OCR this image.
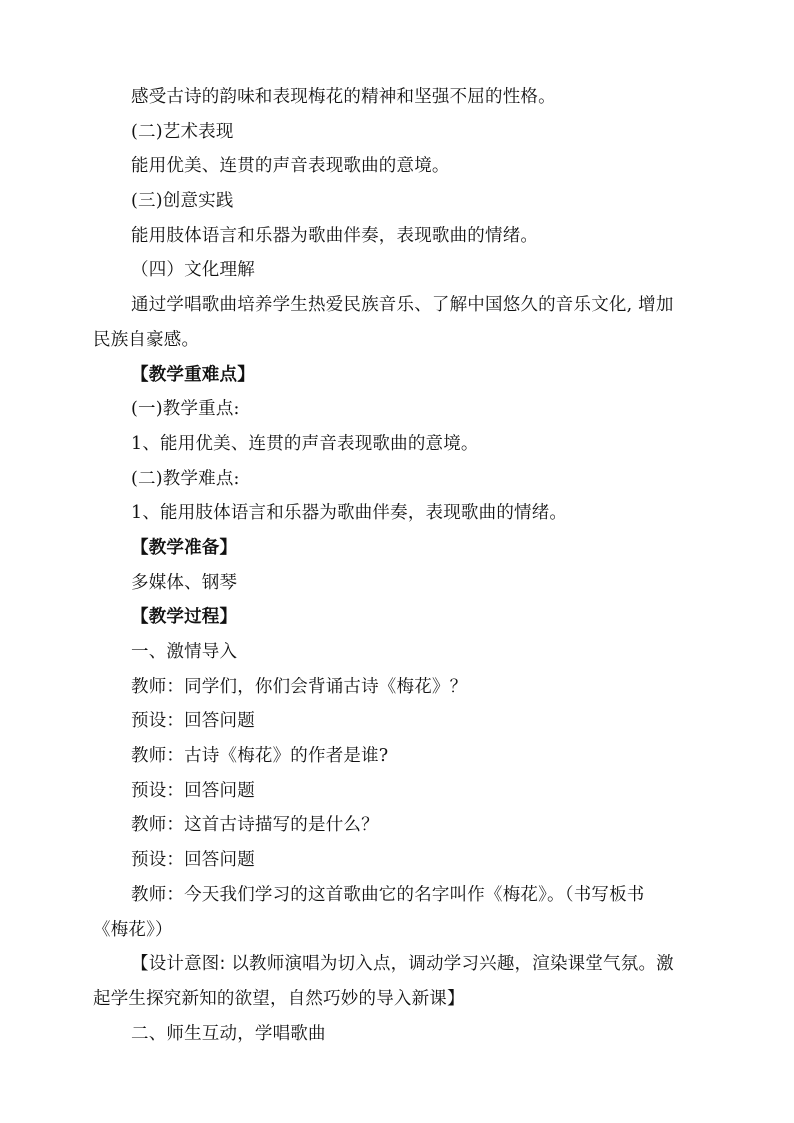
感受古诗的韵味和表现梅花的精神和坚强不屈的性格。
(二)艺术表现
能用优美、连贯的声音表现歌曲的意境。
(三)创意实践
能用肢体语言和乐器为歌曲伴奏，表现歌曲的情绪。
（四）文化理解
通过学唱歌曲培养学生热爱民族音乐、了解中国悠久的音乐文化, 增加
民族自豪感。
【教学重难点】
(一)教学重点:
1、能用优美、连贯的声音表现歌曲的意境。
(二)教学难点:
1、能用肢体语言和乐器为歌曲伴奏，表现歌曲的情绪。
【教学准备】
多媒体、钢琴
【教学过程】
一、激情导入
教师：同学们，你们会背诵古诗《梅花》？
预设：回答问题
教师：古诗《梅花》的作者是谁?
预设：回答问题
教师：这首古诗描写的是什么？
预设：回答问题
教师：今天我们学习的这首歌曲它的名字叫作《梅花》。（书写板书
《梅花》）
【设计意图: 以教师演唱为切入点，调动学习兴趣，渲染课堂气氛。激
起学生探究新知的欲望，自然巧妙的导入新课】
二、师生互动，学唱歌曲
